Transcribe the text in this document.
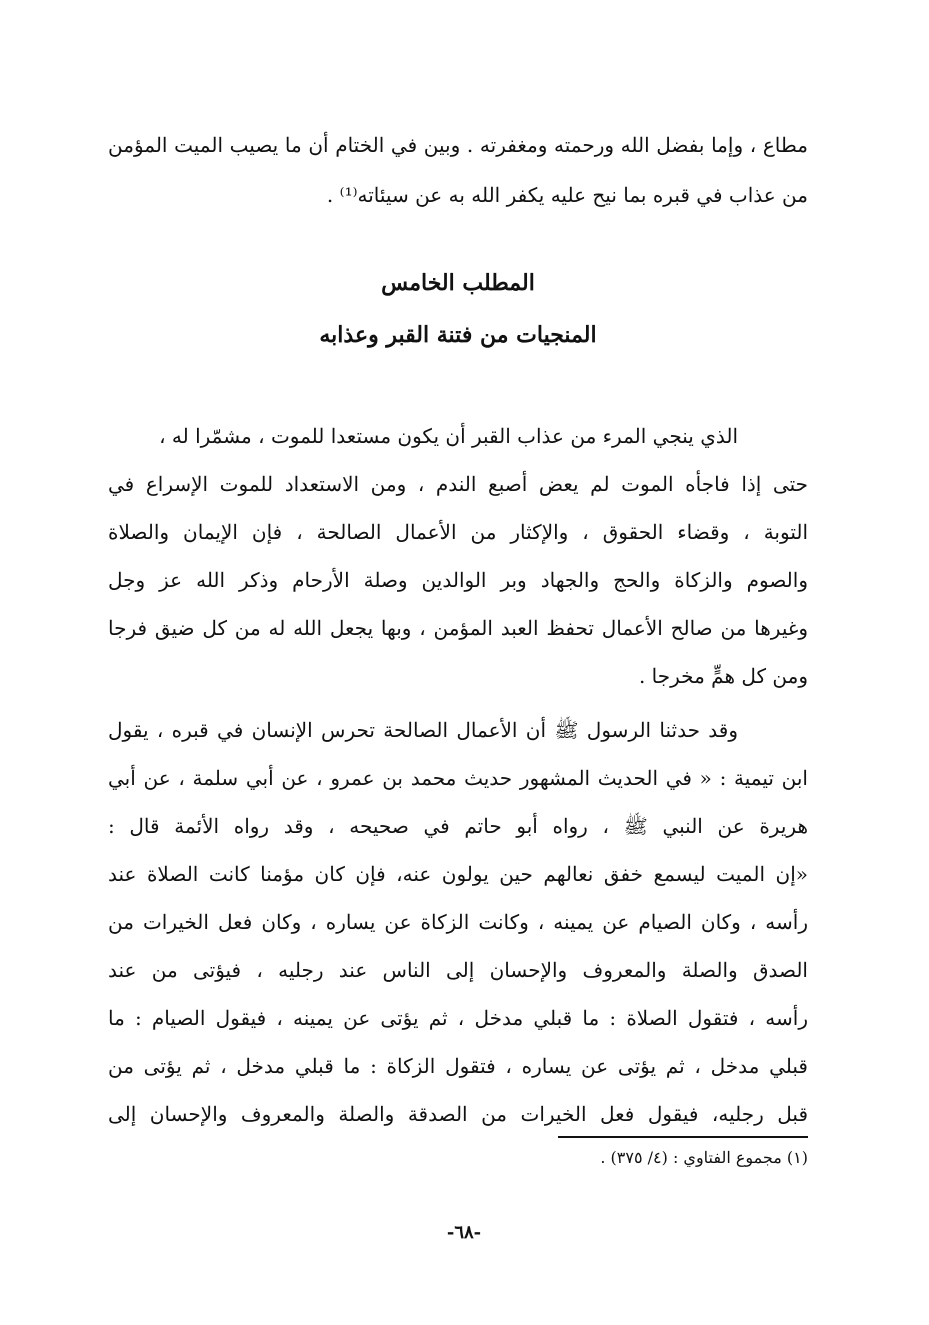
مطاع ، وإما بفضل الله ورحمته ومغفرته . وبين في الختام أن ما يصيب الميت المؤمن
من عذاب في قبره بما نيح عليه يكفر الله به عن سيئاته⁽¹⁾ .
المطلب الخامس
المنجيات من فتنة القبر وعذابه
الذي ينجي المرء من عذاب القبر أن يكون مستعدا للموت ، مشمّرا له ،
حتى إذا فاجأه الموت لم يعض أصبع الندم ، ومن الاستعداد للموت الإسراع في
التوبة ، وقضاء الحقوق ، والإكثار من الأعمال الصالحة ، فإن الإيمان والصلاة
والصوم والزكاة والحج والجهاد وبر الوالدين وصلة الأرحام وذكر الله عز وجل
وغيرها من صالح الأعمال تحفظ العبد المؤمن ، وبها يجعل الله له من كل ضيق فرجا
ومن كل همٍّ مخرجا .
وقد حدثنا الرسول ﷺ أن الأعمال الصالحة تحرس الإنسان في قبره ، يقول
ابن تيمية : « في الحديث المشهور حديث محمد بن عمرو ، عن أبي سلمة ، عن أبي
هريرة عن النبي ﷺ ، رواه أبو حاتم في صحيحه ، وقد رواه الأئمة قال :
«إن الميت ليسمع خفق نعالهم حين يولون عنه، فإن كان مؤمنا كانت الصلاة عند
رأسه ، وكان الصيام عن يمينه ، وكانت الزكاة عن يساره ، وكان فعل الخيرات من
الصدق والصلة والمعروف والإحسان إلى الناس عند رجليه ، فيؤتى من عند
رأسه ، فتقول الصلاة : ما قبلي مدخل ، ثم يؤتى عن يمينه ، فيقول الصيام : ما
قبلي مدخل ، ثم يؤتى عن يساره ، فتقول الزكاة : ما قبلي مدخل ، ثم يؤتى من
قبل رجليه، فيقول فعل الخيرات من الصدقة والصلة والمعروف والإحسان إلى
(١) مجموع الفتاوي : (٤/ ٣٧٥) .
-٦٨-
